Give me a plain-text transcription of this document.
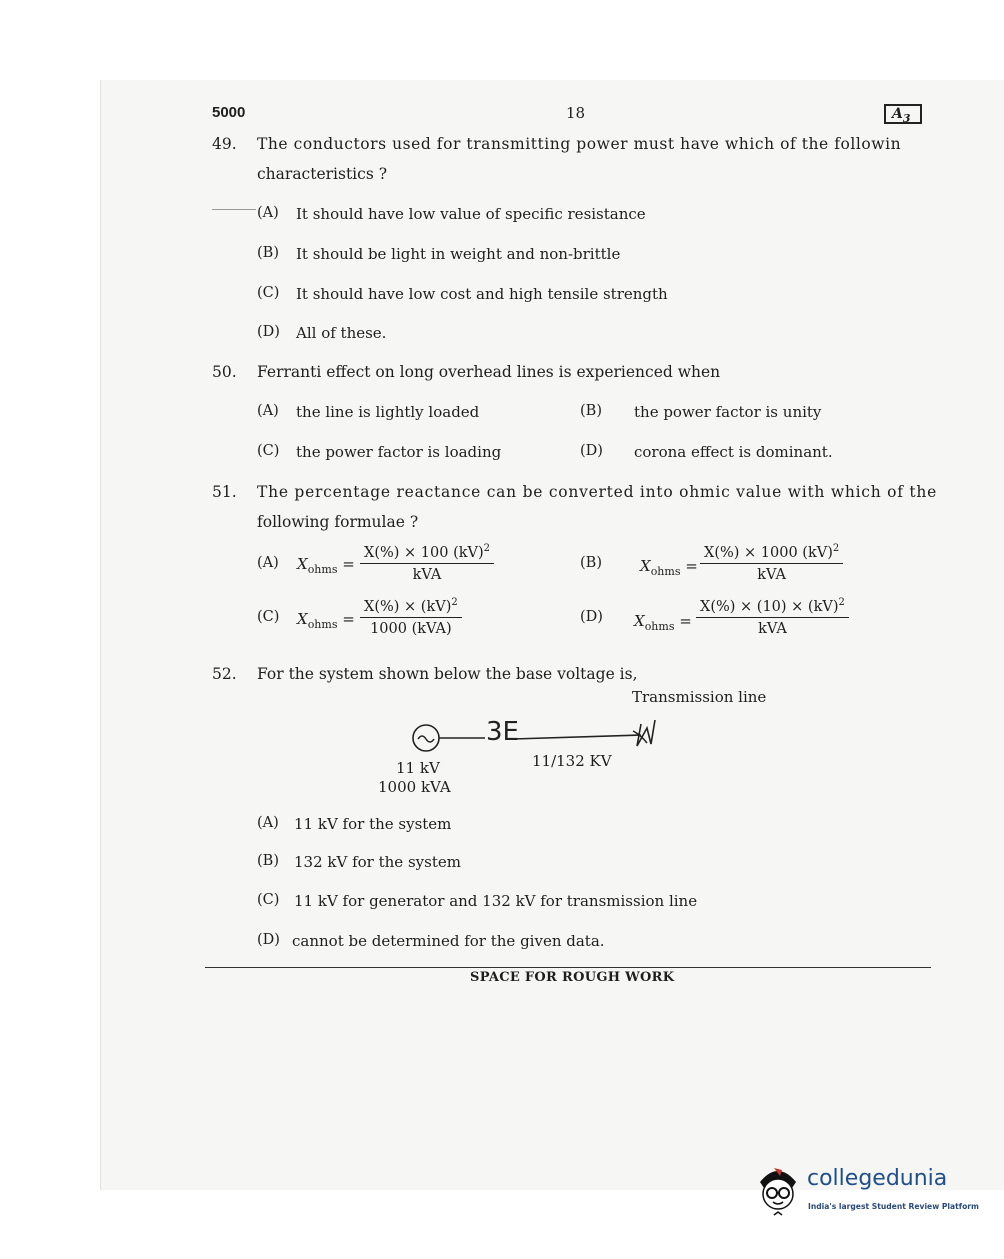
5000	18	$A_3$
49. The conductors used for transmitting power must have which of the followin
characteristics ?
(A) It should have low value of specific resistance
(B) It should be light in weight and non-brittle
(C) It should have low cost and high tensile strength
(D) All of these.
50. Ferranti effect on long overhead lines is experienced when
(A) the line is lightly loaded	(B) the power factor is unity
(C) the power factor is loading	(D) corona effect is dominant.
51. The percentage reactance can be converted into ohmic value with which of the
following formulae ?
(A) $X_{ohms}$ =
X(%) × 100 (kV)$^2$
kVA
(B)	$X_{ohms}$ =
X(%) × 1000 (kV)$^2$
kVA
(C) $X_{ohms}$ =
X(%) × (kV)$^2$
1000 (kVA)
(D) $X_{ohms}$ =
X(%) × (10) × (kV)$^2$
kVA
52. For the system shown below the base voltage is,
Transmission line
3E
11 kV	11/132 KV
1000 kVA
(A) 11 kV for the system
(B) 132 kV for the system
(C) 11 kV for generator and 132 kV for transmission line
(D) cannot be determined for the given data.
SPACE FOR ROUGH WORK
collegedunia
India's largest Student Review Platform
